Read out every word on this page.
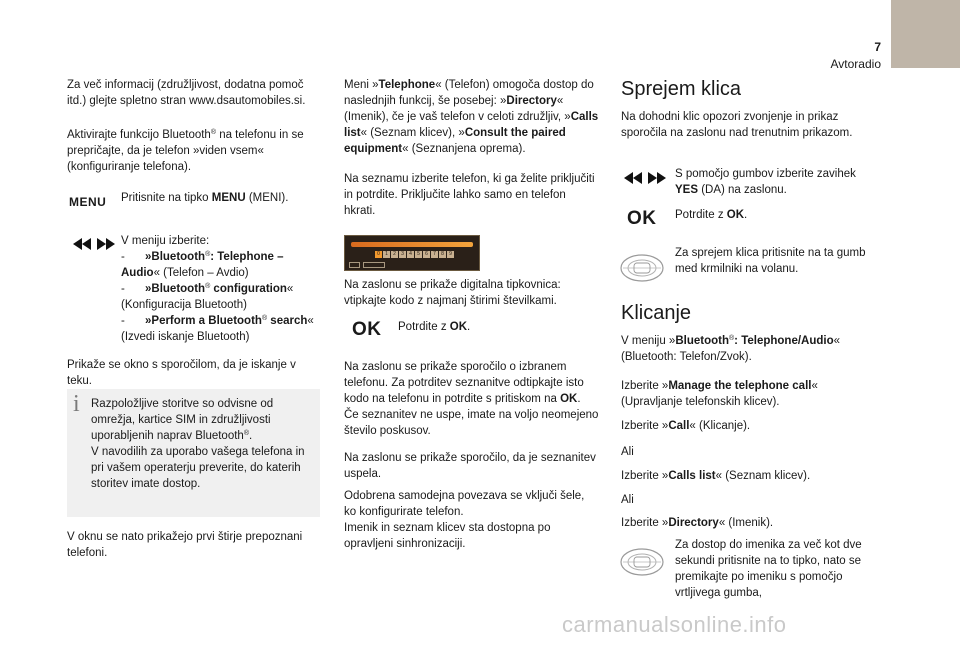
7
Avtoradio

Za več informacij (združljivost, dodatna pomoč itd.) glejte spletno stran www.dsautomobiles.si.

Aktivirajte funkcijo Bluetooth® na telefonu in se prepričajte, da je telefon »viden vsem« (konfiguriranje telefona).

MENU Pritisnite na tipko MENU (MENI).

V meniju izberite:

- »Bluetooth®: Telephone – Audio« (Telefon – Avdio)

- »Bluetooth® configuration« (Konfiguracija Bluetooth)

- »Perform a Bluetooth® search« (Izvedi iskanje Bluetooth)

Prikaže se okno s sporočilom, da je iskanje v teku.

i Razpoložljive storitve so odvisne od omrežja, kartice SIM in združljivosti uporabljenih naprav Bluetooth®.
V navodilih za uporabo vašega telefona in pri vašem operaterju preverite, do katerih storitev imate dostop.

V oknu se nato prikažejo prvi štirje prepoznani telefoni.

Meni »Telephone« (Telefon) omogoča dostop do naslednjih funkcij, še posebej: »Directory« (Imenik), če je vaš telefon v celoti združljiv, »Calls list« (Seznam klicev), »Consult the paired equipment« (Seznanjena oprema).

Na seznamu izberite telefon, ki ga želite priključiti in potrdite. Priključite lahko samo en telefon hkrati.

0	1	2	3	4	5	6	7	8	9

Na zaslonu se prikaže digitalna tipkovnica: vtipkajte kodo z najmanj štirimi številkami.

OK Potrdite z OK.

Na zaslonu se prikaže sporočilo o izbranem telefonu. Za potrditev seznanitve odtipkajte isto kodo na telefonu in potrdite s pritiskom na OK.
Če seznanitev ne uspe, imate na voljo neomejeno število poskusov.

Na zaslonu se prikaže sporočilo, da je seznanitev uspela.

Odobrena samodejna povezava se vključi šele, ko konfigurirate telefon.
Imenik in seznam klicev sta dostopna po opravljeni sinhronizaciji.

Sprejem klica

Na dohodni klic opozori zvonjenje in prikaz sporočila na zaslonu nad trenutnim prikazom.

S pomočjo gumbov izberite zavihek YES (DA) na zaslonu.

OK Potrdite z OK.

Za sprejem klica pritisnite na ta gumb med krmilniki na volanu.

Klicanje

V meniju »Bluetooth®: Telephone/Audio« (Bluetooth: Telefon/Zvok).

Izberite »Manage the telephone call« (Upravljanje telefonskih klicev).

Izberite »Call« (Klicanje).

Ali

Izberite »Calls list« (Seznam klicev).

Ali

Izberite »Directory« (Imenik).

Za dostop do imenika za več kot dve sekundi pritisnite na to tipko, nato se premikajte po imeniku s pomočjo vrtljivega gumba,

carmanualsonline.info
